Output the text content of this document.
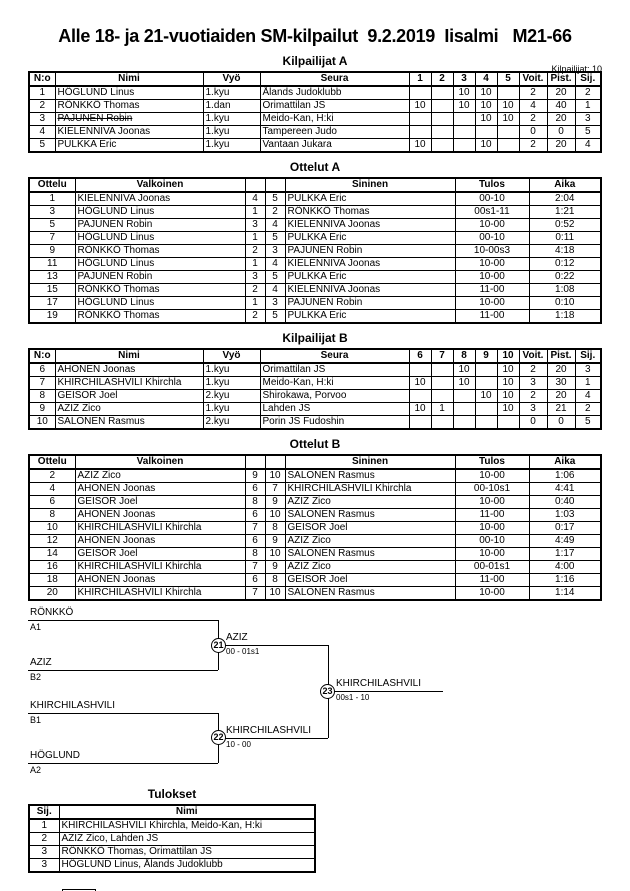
Alle 18- ja 21-vuotiaiden SM-kilpailut  9.2.2019  Iisalmi   M21-66
Kilpailijat: 10
Kilpailijat A
N:o	Nimi	Vyö	Seura	1	2	3	4	5	Voit.	Pist.	Sij.
1	HÖGLUND Linus	1.kyu	Ålands Judoklubb			10	10		2	20	2
2	RÖNKKÖ Thomas	1.dan	Orimattilan JS	10		10	10	10	4	40	1
3	PAJUNEN Robin	1.kyu	Meido-Kan, H:ki				10	10	2	20	3
4	KIELENNIVA Joonas	1.kyu	Tampereen Judo						0	0	5
5	PULKKA Eric	1.kyu	Vantaan Jukara	10			10		2	20	4
Ottelut A
Ottelu	Valkoinen			Sininen	Tulos	Aika
1	KIELENNIVA Joonas	4	5	PULKKA Eric	00-10	2:04
3	HÖGLUND Linus	1	2	RÖNKKÖ Thomas	00s1-11	1:21
5	PAJUNEN Robin	3	4	KIELENNIVA Joonas	10-00	0:52
7	HÖGLUND Linus	1	5	PULKKA Eric	00-10	0:11
9	RÖNKKÖ Thomas	2	3	PAJUNEN Robin	10-00s3	4:18
11	HÖGLUND Linus	1	4	KIELENNIVA Joonas	10-00	0:12
13	PAJUNEN Robin	3	5	PULKKA Eric	10-00	0:22
15	RÖNKKÖ Thomas	2	4	KIELENNIVA Joonas	11-00	1:08
17	HÖGLUND Linus	1	3	PAJUNEN Robin	10-00	0:10
19	RÖNKKÖ Thomas	2	5	PULKKA Eric	11-00	1:18
Kilpailijat B
N:o	Nimi	Vyö	Seura	6	7	8	9	10	Voit.	Pist.	Sij.
6	AHONEN Joonas	1.kyu	Orimattilan JS			10		10	2	20	3
7	KHIRCHILASHVILI Khirchla	1.kyu	Meido-Kan, H:ki	10		10		10	3	30	1
8	GEISOR Joel	2.kyu	Shirokawa, Porvoo				10	10	2	20	4
9	AZIZ Zico	1.kyu	Lahden JS	10	1			10	3	21	2
10	SALONEN Rasmus	2.kyu	Porin JS Fudoshin						0	0	5
Ottelut B
Ottelu	Valkoinen			Sininen	Tulos	Aika
2	AZIZ Zico	9	10	SALONEN Rasmus	10-00	1:06
4	AHONEN Joonas	6	7	KHIRCHILASHVILI Khirchla	00-10s1	4:41
6	GEISOR Joel	8	9	AZIZ Zico	10-00	0:40
8	AHONEN Joonas	6	10	SALONEN Rasmus	11-00	1:03
10	KHIRCHILASHVILI Khirchla	7	8	GEISOR Joel	10-00	0:17
12	AHONEN Joonas	6	9	AZIZ Zico	00-10	4:49
14	GEISOR Joel	8	10	SALONEN Rasmus	10-00	1:17
16	KHIRCHILASHVILI Khirchla	7	9	AZIZ Zico	00-01s1	4:00
18	AHONEN Joonas	6	8	GEISOR Joel	11-00	1:16
20	KHIRCHILASHVILI Khirchla	7	10	SALONEN Rasmus	10-00	1:14
RÖNKKÖ
A1
AZIZ
B2
21
AZIZ
00 - 01s1
KHIRCHILASHVILI
B1
HÖGLUND
A2
22
KHIRCHILASHVILI
10 - 00
23
KHIRCHILASHVILI
00s1 - 10
Tulokset
Sij.	Nimi
1	KHIRCHILASHVILI Khirchla, Meido-Kan, H:ki
2	AZIZ Zico, Lahden JS
3	RÖNKKÖ Thomas, Orimattilan JS
3	HÖGLUND Linus, Ålands Judoklubb
